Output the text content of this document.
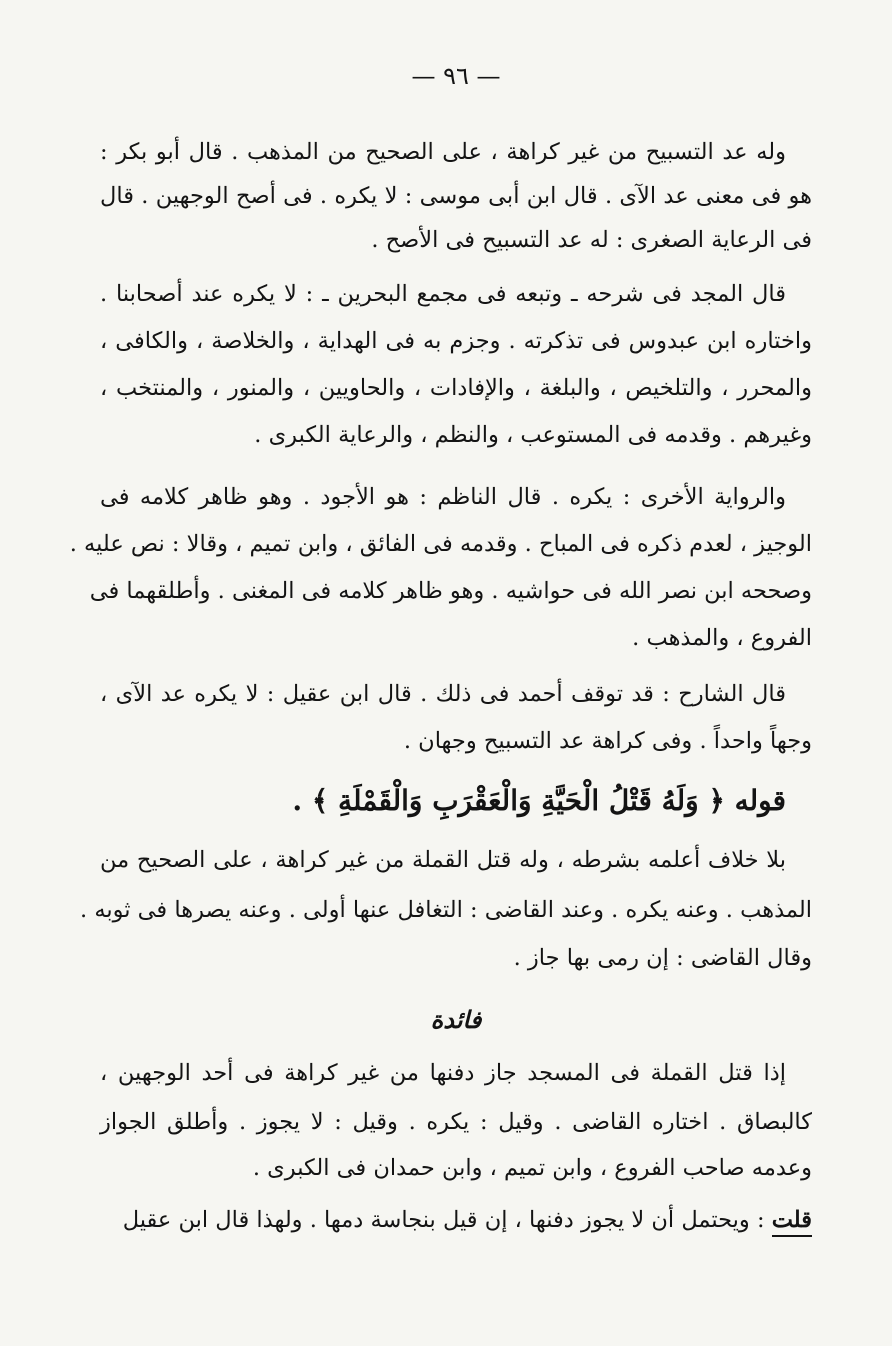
— ٩٦ —
وله عد التسبيح من غير كراهة ، على الصحيح من المذهب . قال أبو بكر :
هو فى معنى عد الآى . قال ابن أبى موسى : لا يكره . فى أصح الوجهين . قال
فى الرعاية الصغرى : له عد التسبيح فى الأصح .
قال المجد فى شرحه ـ وتبعه فى مجمع البحرين ـ : لا يكره عند أصحابنا .
واختاره ابن عبدوس فى تذكرته . وجزم به فى الهداية ، والخلاصة ، والكافى ،
والمحرر ، والتلخيص ، والبلغة ، والإفادات ، والحاويين ، والمنور ، والمنتخب ،
وغيرهم . وقدمه فى المستوعب ، والنظم ، والرعاية الكبرى .
والرواية الأخرى : يكره . قال الناظم : هو الأجود . وهو ظاهر كلامه فى
الوجيز ، لعدم ذكره فى المباح . وقدمه فى الفائق ، وابن تميم ، وقالا : نص عليه .
وصححه ابن نصر الله فى حواشيه . وهو ظاهر كلامه فى المغنى . وأطلقهما فى
الفروع ، والمذهب .
قال الشارح : قد توقف أحمد فى ذلك . قال ابن عقيل : لا يكره عد الآى ،
وجهاً واحداً . وفى كراهة عد التسبيح وجهان .
قوله ﴿ وَلَهُ قَتْلُ الْحَيَّةِ وَالْعَقْرَبِ وَالْقَمْلَةِ ﴾ .
بلا خلاف أعلمه بشرطه ، وله قتل القملة من غير كراهة ، على الصحيح من
المذهب . وعنه يكره . وعند القاضى : التغافل عنها أولى . وعنه يصرها فى ثوبه .
وقال القاضى : إن رمى بها جاز .
فائدة
إذا قتل القملة فى المسجد جاز دفنها من غير كراهة فى أحد الوجهين ،
كالبصاق . اختاره القاضى . وقيل : يكره . وقيل : لا يجوز . وأطلق الجواز
وعدمه صاحب الفروع ، وابن تميم ، وابن حمدان فى الكبرى .
قلت : ويحتمل أن لا يجوز دفنها ، إن قيل بنجاسة دمها . ولهذا قال ابن عقيل
